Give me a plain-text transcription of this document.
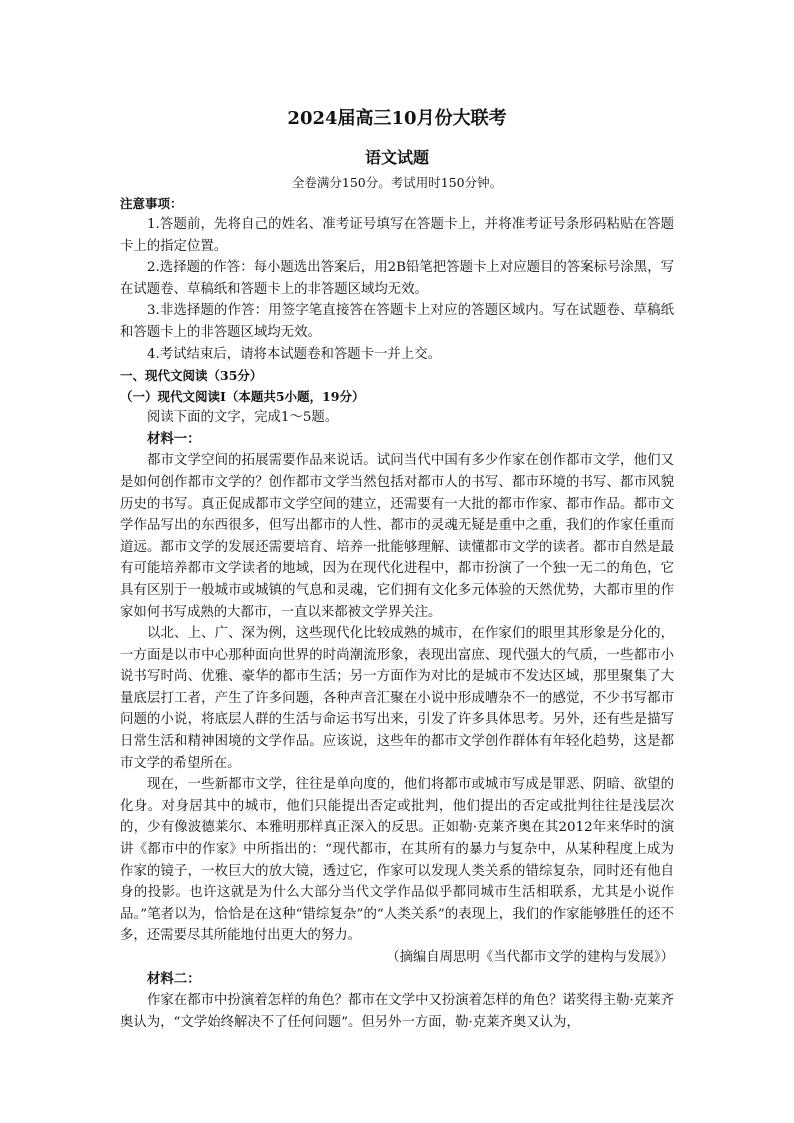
2024届高三10月份大联考
语文试题

全卷满分150分。考试用时150分钟。

注意事项：

1.答题前，先将自己的姓名、准考证号填写在答题卡上，并将准考证号条形码粘贴在答题卡上的指定位置。

2.选择题的作答：每小题选出答案后，用2B铅笔把答题卡上对应题目的答案标号涂黑，写在试题卷、草稿纸和答题卡上的非答题区域均无效。

3.非选择题的作答：用签字笔直接答在答题卡上对应的答题区域内。写在试题卷、草稿纸和答题卡上的非答题区域均无效。

4.考试结束后，请将本试题卷和答题卡一并上交。

一、现代文阅读（35分）

（一）现代文阅读Ⅰ（本题共5小题，19分）

阅读下面的文字，完成1～5题。

材料一：

都市文学空间的拓展需要作品来说话。试问当代中国有多少作家在创作都市文学，他们又是如何创作都市文学的？创作都市文学当然包括对都市人的书写、都市环境的书写、都市风貌历史的书写。真正促成都市文学空间的建立，还需要有一大批的都市作家、都市作品。都市文学作品写出的东西很多，但写出都市的人性、都市的灵魂无疑是重中之重，我们的作家任重而道远。都市文学的发展还需要培育、培养一批能够理解、读懂都市文学的读者。都市自然是最有可能培养都市文学读者的地域，因为在现代化进程中，都市扮演了一个独一无二的角色，它具有区别于一般城市或城镇的气息和灵魂，它们拥有文化多元体验的天然优势，大都市里的作家如何书写成熟的大都市，一直以来都被文学界关注。

以北、上、广、深为例，这些现代化比较成熟的城市，在作家们的眼里其形象是分化的，一方面是以市中心那种面向世界的时尚潮流形象，表现出富庶、现代强大的气质，一些都市小说书写时尚、优雅、豪华的都市生活；另一方面作为对比的是城市不发达区域，那里聚集了大量底层打工者，产生了许多问题，各种声音汇聚在小说中形成嘈杂不一的感觉，不少书写都市问题的小说，将底层人群的生活与命运书写出来，引发了许多具体思考。另外，还有些是描写日常生活和精神困境的文学作品。应该说，这些年的都市文学创作群体有年轻化趋势，这是都市文学的希望所在。

现在，一些新都市文学，往往是单向度的，他们将都市或城市写成是罪恶、阴暗、欲望的化身。对身居其中的城市，他们只能提出否定或批判，他们提出的否定或批判往往是浅层次的，少有像波德莱尔、本雅明那样真正深入的反思。正如勒·克莱齐奥在其2012年来华时的演讲《都市中的作家》中所指出的：“现代都市，在其所有的暴力与复杂中，从某种程度上成为作家的镜子，一枚巨大的放大镜，透过它，作家可以发现人类关系的错综复杂，同时还有他自身的投影。也许这就是为什么大部分当代文学作品似乎都同城市生活相联系，尤其是小说作品。”笔者以为，恰恰是在这种“错综复杂”的“人类关系”的表现上，我们的作家能够胜任的还不多，还需要尽其所能地付出更大的努力。

（摘编自周思明《当代都市文学的建构与发展》）

材料二：

作家在都市中扮演着怎样的角色？都市在文学中又扮演着怎样的角色？诺奖得主勒·克莱齐奥认为，“文学始终解决不了任何问题”。但另外一方面，勒·克莱齐奥又认为，
